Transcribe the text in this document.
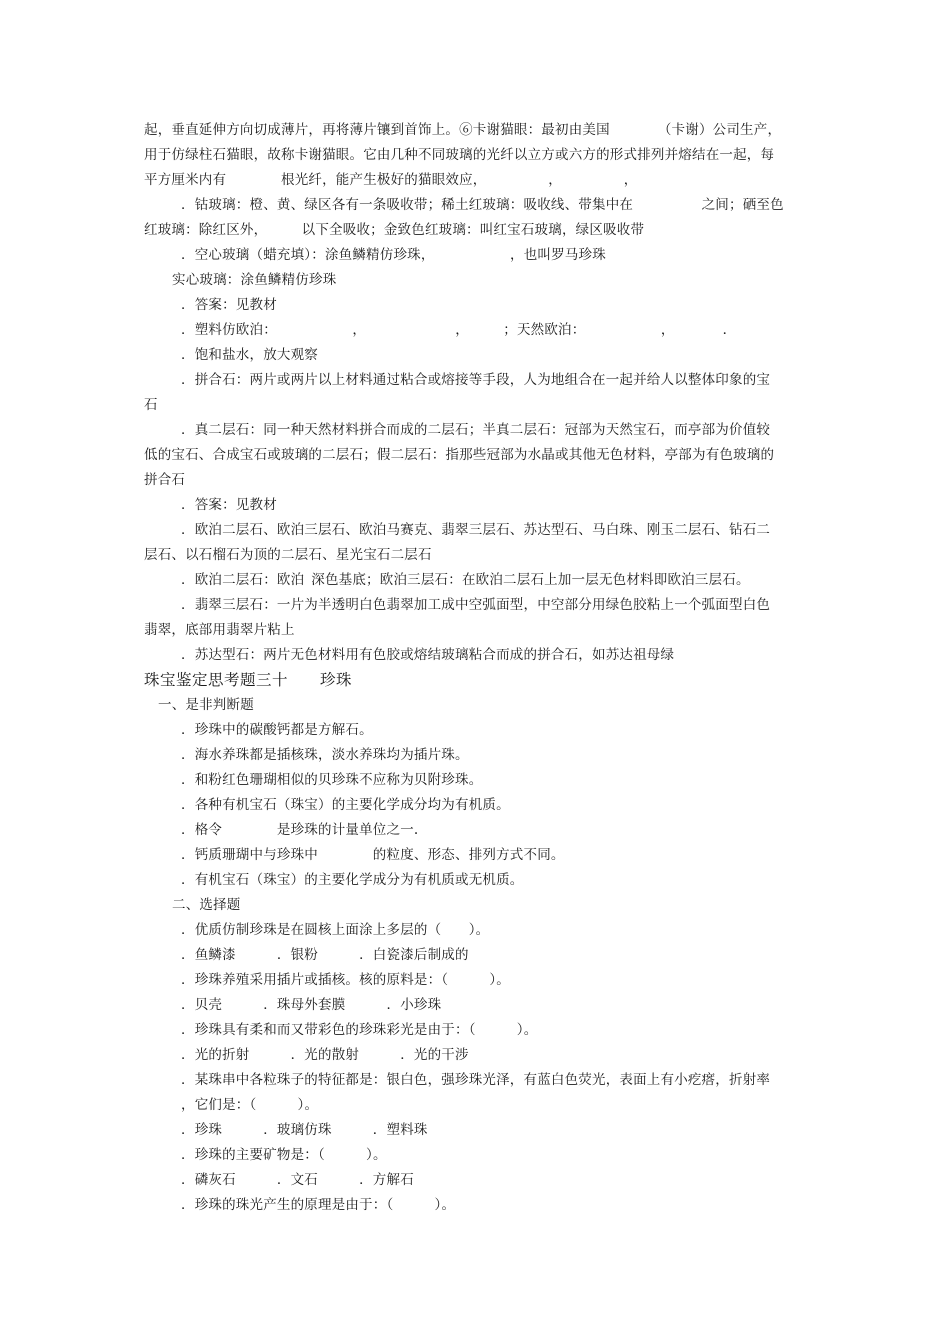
起，垂直延伸方向切成薄片，再将薄片镶到首饰上。⑥卡谢猫眼：最初由美国　　　　（卡谢）公司生产，
用于仿绿柱石猫眼，故称卡谢猫眼。它由几种不同玻璃的光纤以立方或六方的形式排列并熔结在一起，每
平方厘米内有　　　　根光纤，能产生极好的猫眼效应，　　　　　，　　　　　，
．钴玻璃：橙、黄、绿区各有一条吸收带；稀土红玻璃：吸收线、带集中在　　　　　之间；硒至色
红玻璃：除红区外，　　　以下全吸收；金致色红玻璃：叫红宝石玻璃，绿区吸收带
．空心玻璃（蜡充填）：涂鱼鳞精仿珍珠，　　　　　　，也叫罗马珍珠
实心玻璃：涂鱼鳞精仿珍珠
．答案：见教材
．塑料仿欧泊：　　　　　　，　　　　　　　，　　　；天然欧泊：　　　　　　，　　　　．
．饱和盐水，放大观察
．拼合石：两片或两片以上材料通过粘合或熔接等手段，人为地组合在一起并给人以整体印象的宝
石
．真二层石：同一种天然材料拼合而成的二层石；半真二层石：冠部为天然宝石，而亭部为价值较
低的宝石、合成宝石或玻璃的二层石；假二层石：指那些冠部为水晶或其他无色材料，亭部为有色玻璃的
拼合石
．答案：见教材
．欧泊二层石、欧泊三层石、欧泊马赛克、翡翠三层石、苏达型石、马白珠、刚玉二层石、钻石二
层石、以石榴石为顶的二层石、星光宝石二层石
．欧泊二层石：欧泊 深色基底；欧泊三层石：在欧泊二层石上加一层无色材料即欧泊三层石。
．翡翠三层石：一片为半透明白色翡翠加工成中空弧面型，中空部分用绿色胶粘上一个弧面型白色
翡翠，底部用翡翠片粘上
．苏达型石：两片无色材料用有色胶或熔结玻璃粘合而成的拼合石，如苏达祖母绿
珠宝鉴定思考题三十　　珍珠
一、是非判断题
．珍珠中的碳酸钙都是方解石。
．海水养珠都是插核珠，淡水养珠均为插片珠。
．和粉红色珊瑚相似的贝珍珠不应称为贝附珍珠。
．各种有机宝石（珠宝）的主要化学成分均为有机质。
．格令　　　　是珍珠的计量单位之一.
．钙质珊瑚中与珍珠中　　　　的粒度、形态、排列方式不同。
．有机宝石（珠宝）的主要化学成分为有机质或无机质。
二、选择题
．优质仿制珍珠是在圆核上面涂上多层的（　　）。
．鱼鳞漆　　　．银粉　　　．白瓷漆后制成的
．珍珠养殖采用插片或插核。核的原料是：（　　　）。
．贝壳　　　．珠母外套膜　　　．小珍珠
．珍珠具有柔和而又带彩色的珍珠彩光是由于：（　　　）。
．光的折射　　　．光的散射　　　．光的干涉
．某珠串中各粒珠子的特征都是：银白色，强珍珠光泽，有蓝白色荧光，表面上有小疙瘩，折射率
，它们是：（　　　）。
．珍珠　　　．玻璃仿珠　　　．塑料珠
．珍珠的主要矿物是：（　　　）。
．磷灰石　　　．文石　　　．方解石
．珍珠的珠光产生的原理是由于：（　　　）。
